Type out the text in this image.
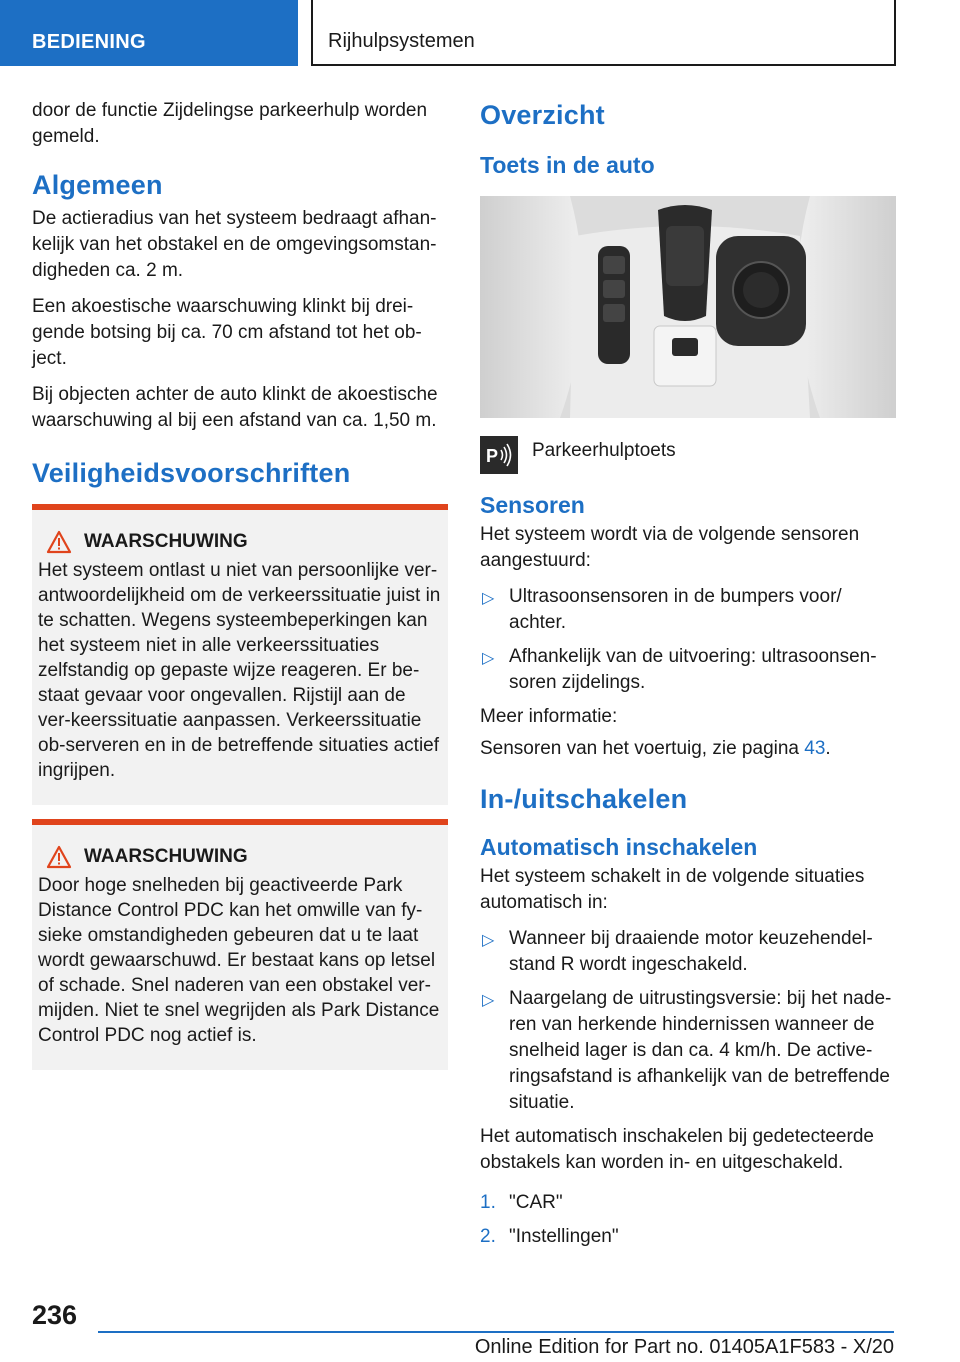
BEDIENING	Rijhulpsystemen

door de functie Zijdelingse parkeerhulp worden gemeld.

Algemeen

De actieradius van het systeem bedraagt afhan-kelijk van het obstakel en de omgevingsomstan-digheden ca. 2 m.

Een akoestische waarschuwing klinkt bij drei-gende botsing bij ca. 70 cm afstand tot het ob-ject.

Bij objecten achter de auto klinkt de akoestische waarschuwing al bij een afstand van ca. 1,50 m.

Veiligheidsvoorschriften
WAARSCHUWING

Het systeem ontlast u niet van persoonlijke ver-antwoordelijkheid om de verkeerssituatie juist in te schatten. Wegens systeembeperkingen kan het systeem niet in alle verkeerssituaties zelfstandig op gepaste wijze reageren. Er be-staat gevaar voor ongevallen. Rijstijl aan de ver-keerssituatie aanpassen. Verkeerssituatie ob-serveren en in de betreffende situaties actief ingrijpen.

WAARSCHUWING

Door hoge snelheden bij geactiveerde Park Distance Control PDC kan het omwille van fy-sieke omstandigheden gebeuren dat u te laat wordt gewaarschuwd. Er bestaat kans op letsel of schade. Snel naderen van een obstakel ver-mijden. Niet te snel wegrijden als Park Distance Control PDC nog actief is.

Overzicht
Toets in de auto
P Parkeerhulptoets
Sensoren

Het systeem wordt via de volgende sensoren aangestuurd:

▷ Ultrasoonsensoren in de bumpers voor/ achter.
▷ Afhankelijk van de uitvoering: ultrasoonsen-soren zijdelings.

Meer informatie:

Sensoren van het voertuig, zie pagina 43.

In-/uitschakelen
Automatisch inschakelen

Het systeem schakelt in de volgende situaties automatisch in:

▷ Wanneer bij draaiende motor keuzehendel-stand R wordt ingeschakeld.
▷ Naargelang de uitrustingsversie: bij het nade-ren van herkende hindernissen wanneer de snelheid lager is dan ca. 4 km/h. De active-ringsafstand is afhankelijk van de betreffende situatie.

Het automatisch inschakelen bij gedetecteerde obstakels kan worden in- en uitgeschakeld.

1. "CAR"
2. "Instellingen"
236
Online Edition for Part no. 01405A1F583 - X/20
